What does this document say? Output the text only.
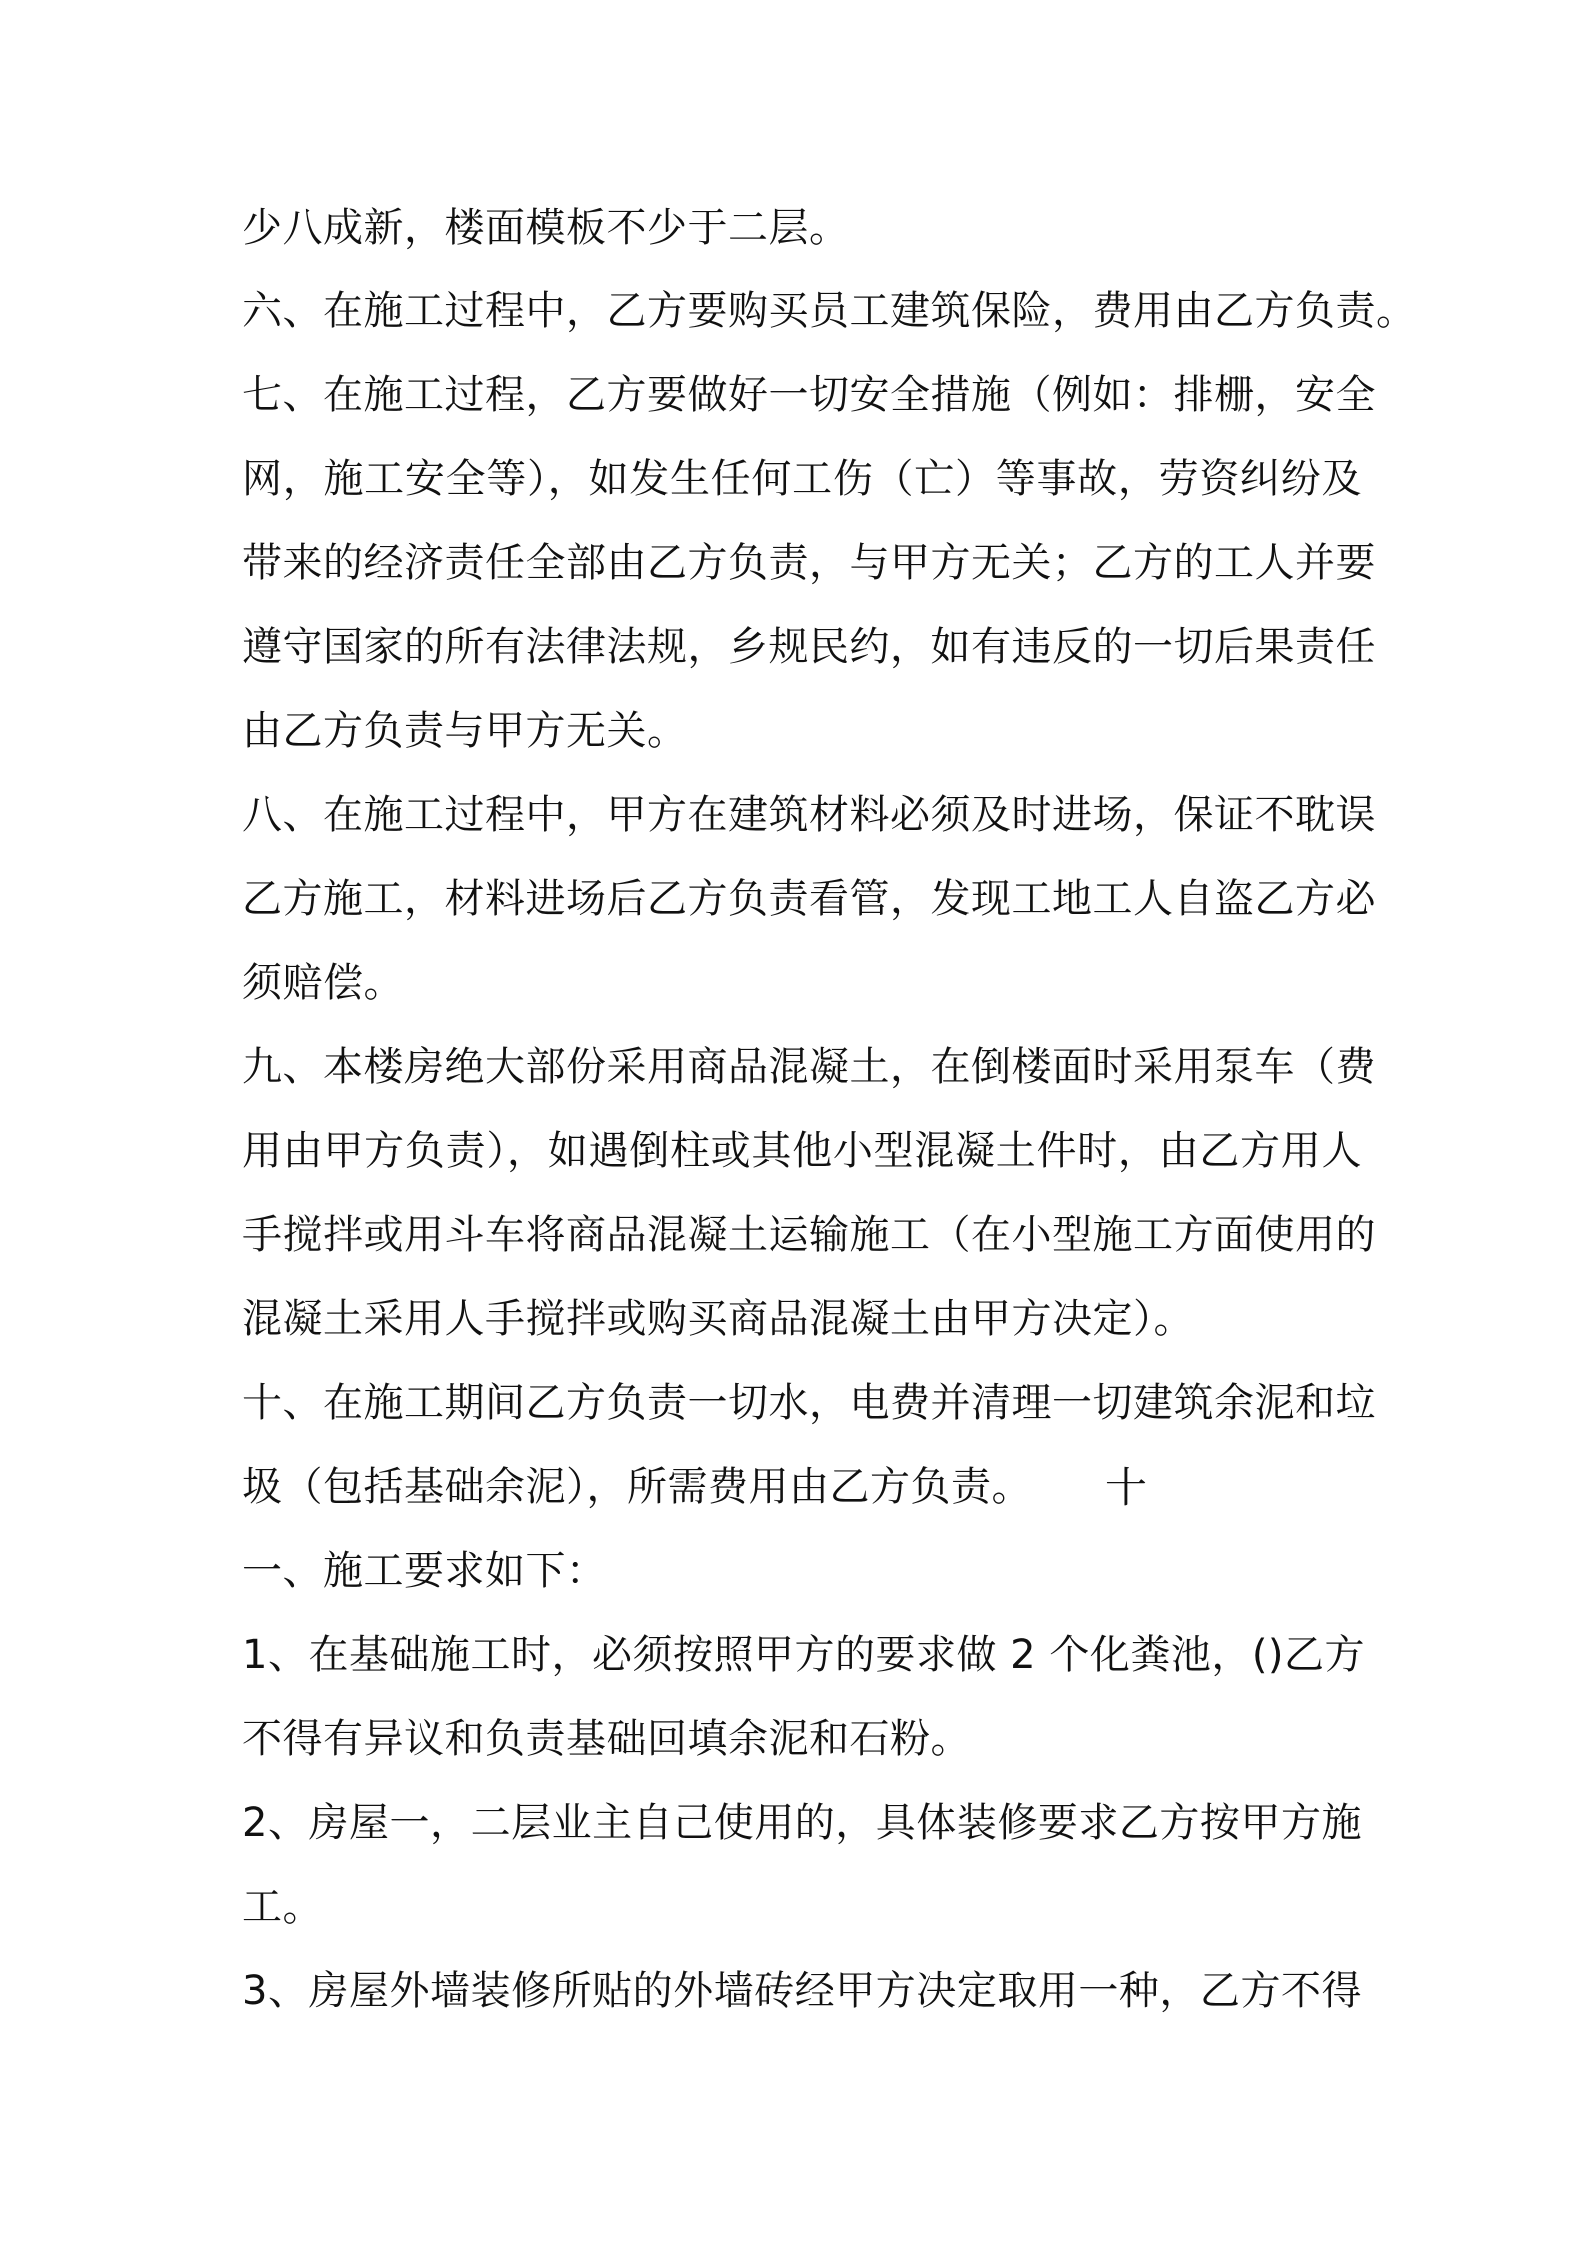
少八成新，楼面模板不少于二层。
六、在施工过程中，乙方要购买员工建筑保险，费用由乙方负责。
七、在施工过程，乙方要做好一切安全措施（例如：排栅，安全
网，施工安全等），如发生任何工伤（亡）等事故，劳资纠纷及
带来的经济责任全部由乙方负责，与甲方无关；乙方的工人并要
遵守国家的所有法律法规，乡规民约，如有违反的一切后果责任
由乙方负责与甲方无关。
八、在施工过程中，甲方在建筑材料必须及时进场，保证不耽误
乙方施工，材料进场后乙方负责看管，发现工地工人自盗乙方必
须赔偿。
九、本楼房绝大部份采用商品混凝土，在倒楼面时采用泵车（费
用由甲方负责），如遇倒柱或其他小型混凝土件时，由乙方用人
手搅拌或用斗车将商品混凝土运输施工（在小型施工方面使用的
混凝土采用人手搅拌或购买商品混凝土由甲方决定）。
十、在施工期间乙方负责一切水，电费并清理一切建筑余泥和垃
圾（包括基础余泥），所需费用由乙方负责。	十
一、施工要求如下：
1、在基础施工时，必须按照甲方的要求做 2 个化粪池，()乙方
不得有异议和负责基础回填余泥和石粉。
2、房屋一，二层业主自己使用的，具体装修要求乙方按甲方施
工。
3、房屋外墙装修所贴的外墙砖经甲方决定取用一种，乙方不得
